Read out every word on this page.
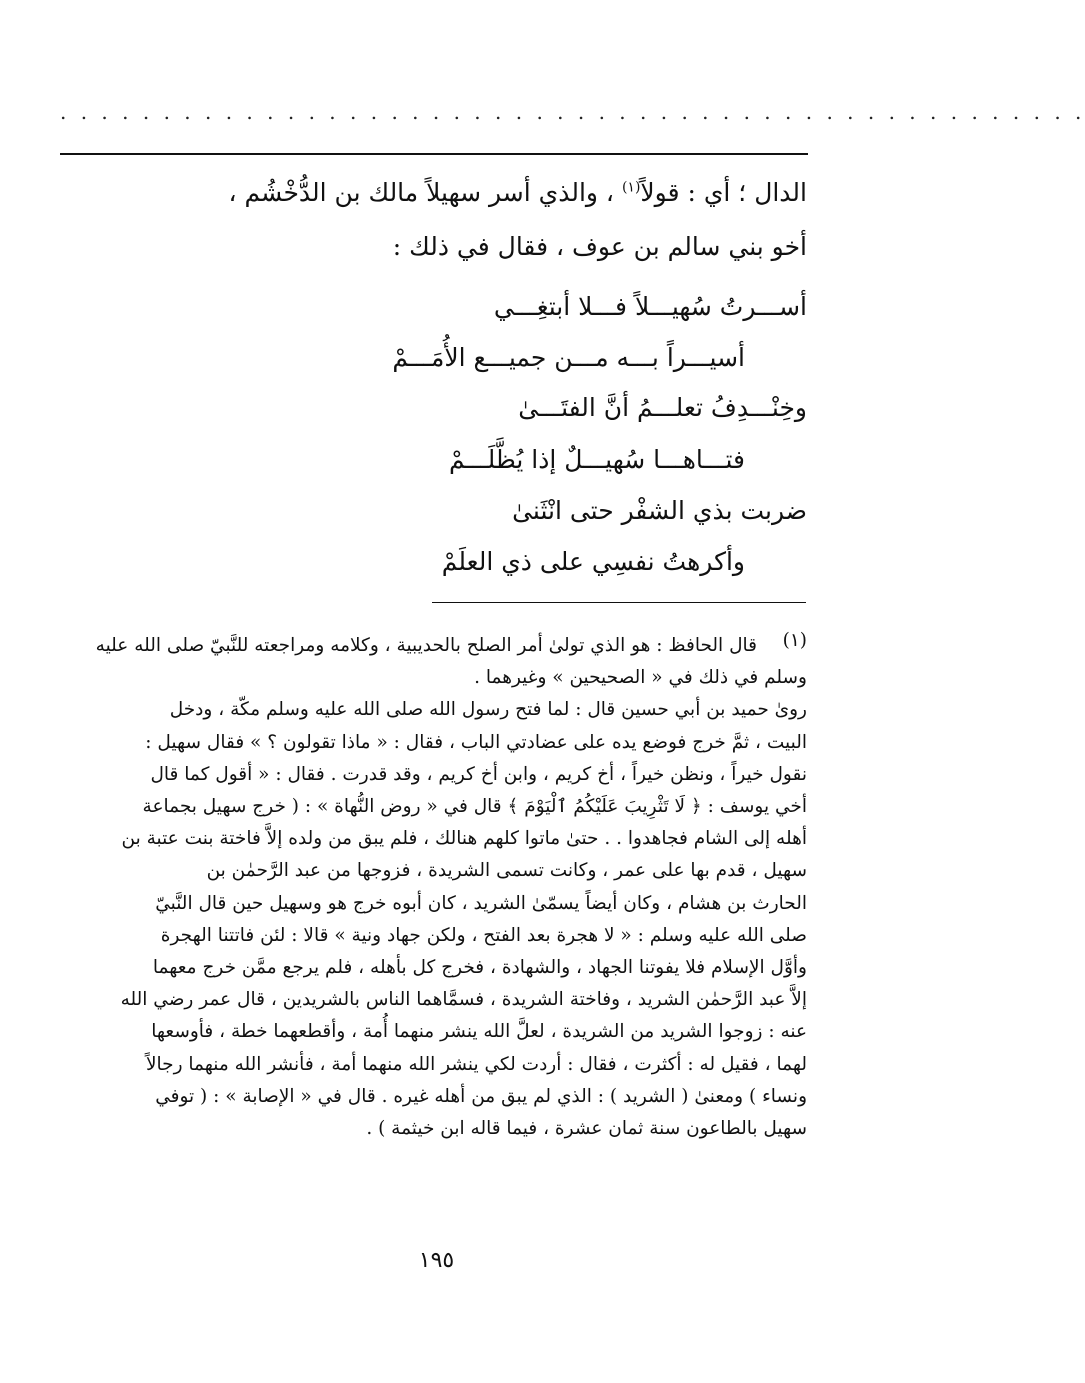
. . . . . . . . . . . . . . . . . . . . . . . . . . . . . . . . . . . . . . . . . . . . . . . . . .
الدال ؛ أي : قولاً$^{(١)}$ ، والذي أسر سهيلاً مالك بن الدُّخْشُم ،
أخو بني سالم بن عوف ، فقال في ذلك :
أســـرتُ سُهيـــلاً فـــلا أبتغِـــي
أسيـــراً بـــه مـــن جميـــع الأُمَـــمْ
وخِنْـــدِفُ تعلـــمُ أنَّ الفتَـــىٰ
فتـــاهـــا سُهيـــلٌ إذا يُظَّلَـــمْ
ضربت بذي الشفْر حتى انْثَنىٰ
وأكرهتُ نفسِي على ذي العلَمْ
(١)
قال الحافظ : هو الذي تولىٰ أمر الصلح بالحديبية ، وكلامه ومراجعته للنَّبيّ صلى الله عليه
وسلم في ذلك في « الصحيحين » وغيرهما .
روىٰ حميد بن أبي حسين قال : لما فتح رسول الله صلى الله عليه وسلم مكّة ، ودخل
البيت ، ثمَّ خرج فوضع يده على عضادتي الباب ، فقال : « ماذا تقولون ؟ » فقال سهيل :
نقول خيراً ، ونظن خيراً ، أخ كريم ، وابن أخ كريم ، وقد قدرت . فقال : « أقول كما قال
أخي يوسف : ﴿ لَا تَثْرِيبَ عَلَيْكُمُ ٱلْيَوْمَ ﴾ قال في « روض النُّهاة » : ( خرج سهيل بجماعة
أهله إلى الشام فجاهدوا . . حتىٰ ماتوا كلهم هنالك ، فلم يبق من ولده إلاَّ فاختة بنت عتبة بن
سهيل ، قدم بها على عمر ، وكانت تسمى الشريدة ، فزوجها من عبد الرَّحمٰن بن
الحارث بن هشام ، وكان أيضاً يسمّىٰ الشريد ، كان أبوه خرج هو وسهيل حين قال النَّبيّ
صلى الله عليه وسلم : « لا هجرة بعد الفتح ، ولكن جهاد ونية » قالا : لئن فاتتنا الهجرة
وأوَّل الإسلام فلا يفوتنا الجهاد ، والشهادة ، فخرج كل بأهله ، فلم يرجع ممَّن خرج معهما
إلاَّ عبد الرَّحمٰن الشريد ، وفاختة الشريدة ، فسمَّاهما الناس بالشريدين ، قال عمر رضي الله
عنه : زوجوا الشريد من الشريدة ، لعلَّ الله ينشر منهما أُمة ، وأقطعهما خطة ، فأوسعها
لهما ، فقيل له : أكثرت ، فقال : أردت لكي ينشر الله منهما أمة ، فأنشر الله منهما رجالاً
ونساء ) ومعنىٰ ( الشريد ) : الذي لم يبق من أهله غيره . قال في « الإصابة » : ( توفي
سهيل بالطاعون سنة ثمان عشرة ، فيما قاله ابن خيثمة ) .
١٩٥
